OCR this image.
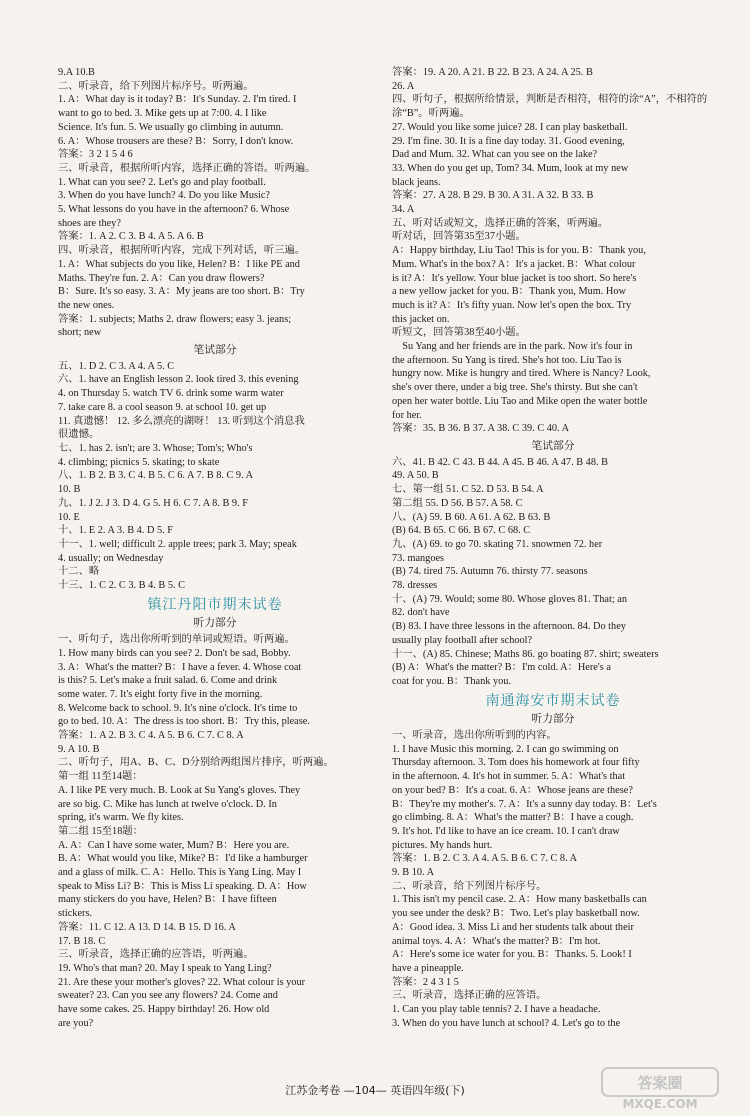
9.A 10.B
二、听录音，给下列图片标序号。听两遍。
1. A：What day is it today? B：It's Sunday. 2. I'm tired. I
want to go to bed. 3. Mike gets up at 7:00. 4. I like
Science. It's fun. 5. We usually go climbing in autumn.
6. A：Whose trousers are these? B：Sorry, I don't know.
答案：3 2 1 5 4 6
三、听录音，根据所听内容，选择正确的答语。听两遍。
1. What can you see? 2. Let's go and play football.
3. When do you have lunch? 4. Do you like Music?
5. What lessons do you have in the afternoon? 6. Whose
shoes are they?
答案：1. A 2. C 3. B 4. A 5. A 6. B
四、听录音，根据所听内容，完成下列对话，听三遍。
1. A：What subjects do you like, Helen? B：I like PE and
Maths. They're fun. 2. A：Can you draw flowers?
B：Sure. It's so easy. 3. A：My jeans are too short. B：Try
the new ones.
答案：1. subjects; Maths 2. draw flowers; easy 3. jeans;
short; new
笔试部分
五、1. D 2. C 3. A 4. A 5. C
六、1. have an English lesson 2. look tired 3. this evening
4. on Thursday 5. watch TV 6. drink some warm water
7. take care 8. a cool season 9. at school 10. get up
11. 真遗憾！ 12. 多么漂亮的湖呀！ 13. 听到这个消息我
很遗憾。
七、1. has 2. isn't; are 3. Whose; Tom's; Who's
4. climbing; picnics 5. skating; to skate
八、1. B 2. B 3. C 4. B 5. C 6. A 7. B 8. C 9. A
10. B
九、1. J 2. J 3. D 4. G 5. H 6. C 7. A 8. B 9. F
10. E
十、1. E 2. A 3. B 4. D 5. F
十一、1. well; difficult 2. apple trees; park 3. May; speak
4. usually; on Wednesday
十二、略
十三、1. C 2. C 3. B 4. B 5. C
镇江丹阳市期末试卷
听力部分
一、听句子，选出你所听到的单词或短语。听两遍。
1. How many birds can you see? 2. Don't be sad, Bobby.
3. A：What's the matter? B：I have a fever. 4. Whose coat
is this? 5. Let's make a fruit salad. 6. Come and drink
some water. 7. It's eight forty five in the morning.
8. Welcome back to school. 9. It's nine o'clock. It's time to
go to bed. 10. A：The dress is too short. B：Try this, please.
答案：1. A 2. B 3. C 4. A 5. B 6. C 7. C 8. A
9. A 10. B
二、听句子，用A、B、C、D分别给两组图片排序，听两遍。
第一组 11至14题：
A. I like PE very much. B. Look at Su Yang's gloves. They
are so big. C. Mike has lunch at twelve o'clock. D. In
spring, it's warm. We fly kites.
第二组 15至18题：
A. A：Can I have some water, Mum? B：Here you are.
B. A：What would you like, Mike? B：I'd like a hamburger
and a glass of milk. C. A：Hello. This is Yang Ling. May I
speak to Miss Li? B：This is Miss Li speaking. D. A：How
many stickers do you have, Helen? B：I have fifteen
stickers.
答案：11. C 12. A 13. D 14. B 15. D 16. A
17. B 18. C
三、听录音，选择正确的应答语，听两遍。
19. Who's that man? 20. May I speak to Yang Ling?
21. Are these your mother's gloves? 22. What colour is your
sweater? 23. Can you see any flowers? 24. Come and
have some cakes. 25. Happy birthday! 26. How old
are you?
答案：19. A 20. A 21. B 22. B 23. A 24. A 25. B
26. A
四、听句子，根据所给情景，判断是否相符，相符的涂“A”，不相符的
涂“B”。听两遍。
27. Would you like some juice? 28. I can play basketball.
29. I'm fine. 30. It is a fine day today. 31. Good evening,
Dad and Mum. 32. What can you see on the lake?
33. When do you get up, Tom? 34. Mum, look at my new
black jeans.
答案：27. A 28. B 29. B 30. A 31. A 32. B 33. B
34. A
五、听对话或短文，选择正确的答案，听两遍。
听对话，回答第35至37小题。
A：Happy birthday, Liu Tao! This is for you. B：Thank you,
Mum. What's in the box? A：It's a jacket. B：What colour
is it? A：It's yellow. Your blue jacket is too short. So here's
a new yellow jacket for you. B：Thank you, Mum. How
much is it? A：It's fifty yuan. Now let's open the box. Try
this jacket on.
听短文，回答第38至40小题。
Su Yang and her friends are in the park. Now it's four in
the afternoon. Su Yang is tired. She's hot too. Liu Tao is
hungry now. Mike is hungry and tired. Where is Nancy? Look,
she's over there, under a big tree. She's thirsty. But she can't
open her water bottle. Liu Tao and Mike open the water bottle
for her.
答案：35. B 36. B 37. A 38. C 39. C 40. A
笔试部分
六、41. B 42. C 43. B 44. A 45. B 46. A 47. B 48. B
49. A 50. B
七、第一组 51. C 52. D 53. B 54. A
第二组 55. D 56. B 57. A 58. C
八、(A) 59. B 60. A 61. A 62. B 63. B
(B) 64. B 65. C 66. B 67. C 68. C
九、(A) 69. to go 70. skating 71. snowmen 72. her
73. mangoes
(B) 74. tired 75. Autumn 76. thirsty 77. seasons
78. dresses
十、(A) 79. Would; some 80. Whose gloves 81. That; an
82. don't have
(B) 83. I have three lessons in the afternoon. 84. Do they
usually play football after school?
十一、(A) 85. Chinese; Maths 86. go boating 87. shirt; sweaters
(B) A：What's the matter? B：I'm cold. A：Here's a
coat for you. B：Thank you.
南通海安市期末试卷
听力部分
一、听录音，选出你所听到的内容。
1. I have Music this morning. 2. I can go swimming on
Thursday afternoon. 3. Tom does his homework at four fifty
in the afternoon. 4. It's hot in summer. 5. A：What's that
on your bed? B：It's a coat. 6. A：Whose jeans are these?
B：They're my mother's. 7. A：It's a sunny day today. B：Let's
go climbing. 8. A：What's the matter? B：I have a cough.
9. It's hot. I'd like to have an ice cream. 10. I can't draw
pictures. My hands hurt.
答案：1. B 2. C 3. A 4. A 5. B 6. C 7. C 8. A
9. B 10. A
二、听录音，给下列图片标序号。
1. This isn't my pencil case. 2. A：How many basketballs can
you see under the desk? B：Two. Let's play basketball now.
A：Good idea. 3. Miss Li and her students talk about their
animal toys. 4. A：What's the matter? B：I'm hot.
A：Here's some ice water for you. B：Thanks. 5. Look! I
have a pineapple.
答案：2 4 3 1 5
三、听录音，选择正确的应答语。
1. Can you play table tennis? 2. I have a headache.
3. When do you have lunch at school? 4. Let's go to the
江苏金考卷 —104— 英语四年级(下)	答案圈
MXQE.COM
